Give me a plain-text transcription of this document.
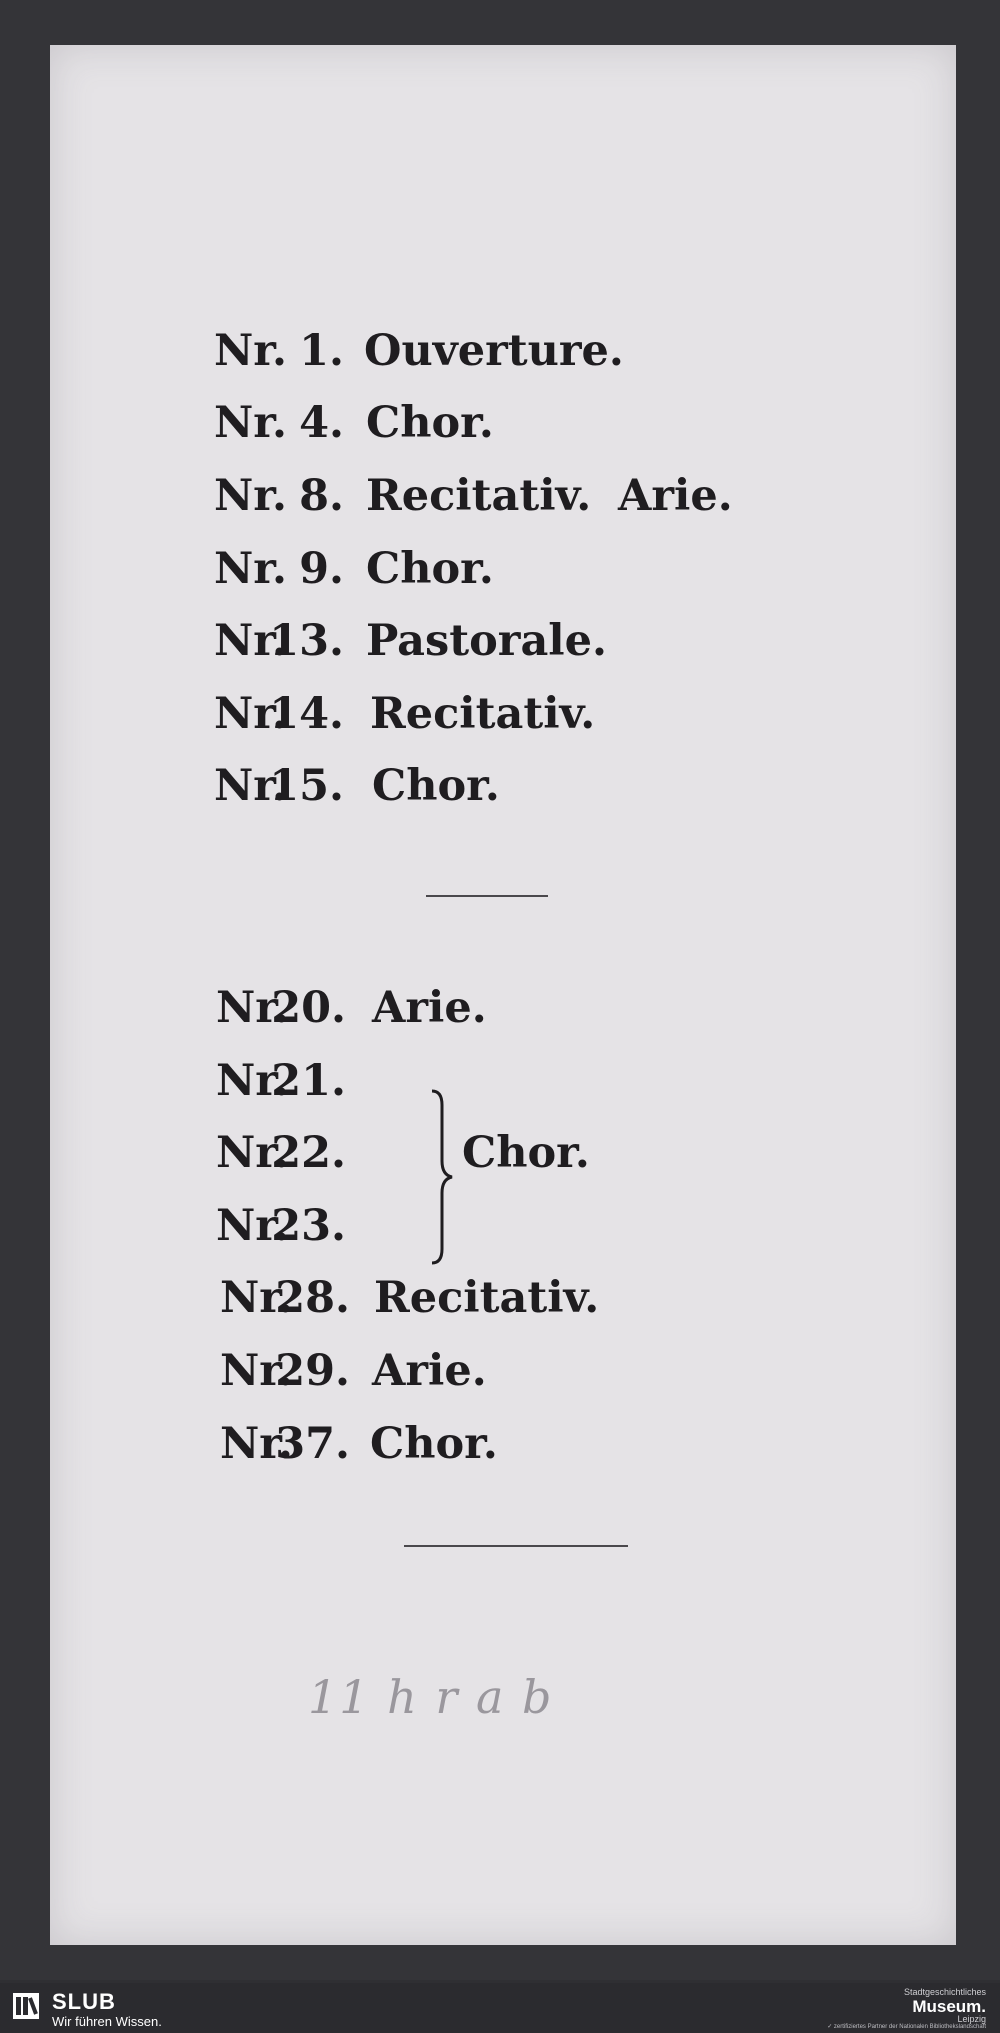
Nr. 1. Ouverture.
Nr. 4. Chor.
Nr. 8. Recitativ. Arie.
Nr. 9. Chor.
Nr.
13. Pastorale.
Nr.
14. Recitativ.
Nr.
15. Chor.
Nr.
20. Arie.
Nr.
21.
Nr.
22.
Nr.
23.
Chor.
Nr.
28. Recitativ.
Nr.
29. Arie.
Nr.
37. Chor.
11 h r a b
SLUB
Wir führen Wissen.
Stadtgeschichtliches
Museum.
Leipzig
✓ zertifiziertes Partner der Nationalen Bibliothekslandschaft
